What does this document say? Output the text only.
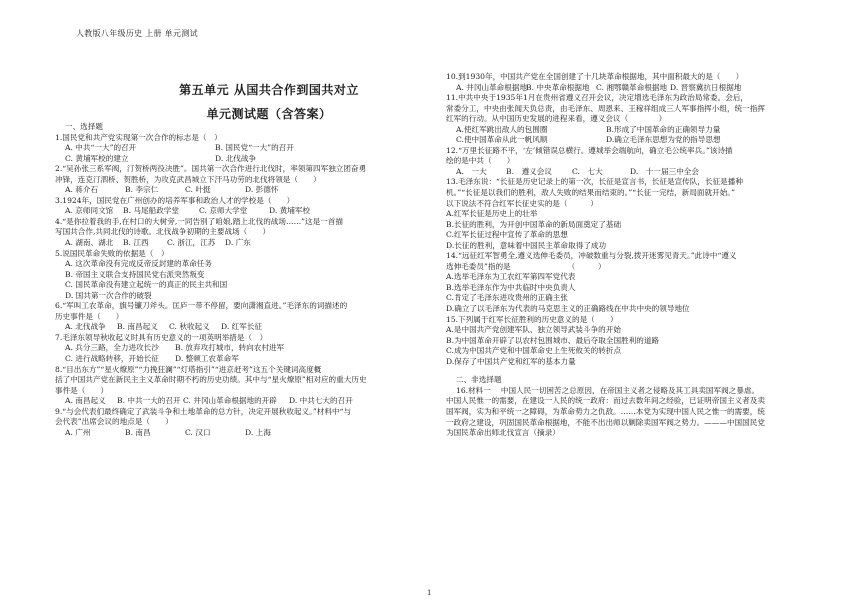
人教版八年级历史 上册 单元测试
第五单元 从国共合作到国共对立
单元测试题（含答案）
一、选择题
1.国民党和共产党实现第一次合作的标志是（　）
A. 中共“一大”的召开	B. 国民党“一大”的召开
C. 黄埔军校的建立	D. 北伐战争
2.“吴孙张三系军阀，汀贺桥两役决胜”。国共第一次合作进行北伐时，率领第四军独立团奋勇
冲锋，连克汀泗桥、贺胜桥，为攻克武昌城立下汗马功劳的北伐将领是（　　）
A. 蒋介石	B. 李宗仁	C. 叶挺	D. 彭德怀
3.1924年，国民党在广州创办的培养军事和政治人才的学校是（　　）
A. 京师同文馆	B. 马尾船政学堂	C. 京师大学堂	D. 黄埔军校
4.“是你拉着我的手,在村口的大树旁,一同告别了咱娘,踏上北伐的战场……”这是一首描
写国共合作,共同北伐的诗歌。北伐战争初期的主要战场（　　）
A. 湖南、湖北	B. 江西	C. 浙江，江苏	D. 广东
5.说国民革命失败的依据是（　）
A. 这次革命没有完成反帝反封建的革命任务
B. 帝国主义联合支持国民党右派突然叛变
C. 国民革命没有建立起统一的真正的民主共和国
D. 国共第一次合作的破裂
6.“军叫工农革命，旗号镰刀斧头。匡庐一带不停留，要向潇湘直进。”毛泽东的词描述的
历史事件是（　　）
A. 北伐战争	B. 南昌起义	C. 秋收起义	D. 红军长征
7.毛泽东领导秋收起义时具有历史意义的一项英明举措是（　）
A. 兵分三路，全力进攻长沙	B. 放弃攻打城市，转向农村进军
C. 进行战略转移，开始长征	D. 整顿工农革命军
8.“目出东方”“星火燎原”“力挽狂澜”“灯塔指引”“进京赶考”这五个关键词高度概
括了中国共产党在新民主主义革命时期不朽的历史功绩。其中与“星火燎原”相对应的重大历史
事件是（　　）
A. 南昌起义	B. 中共一大的召开 C. 井冈山革命根据地的开辟	D. 中共七大的召开
9.“与会代表们最终确定了武装斗争和土地革命的总方针，决定开展秋收起义。”材料中“与
会代表”出席会议的地点是（　　）
A. 广州	B. 南昌	C. 汉口	D. 上海
10.到1930年，中国共产党在全国创建了十几块革命根据地，其中面积最大的是（　　）
A. 井冈山革命根据地
B. 中央革命根据地 C. 湘鄂赣革命根据地 D. 晋察冀抗日根据地
11.中共中央于1935年1月在贵州省遵义召开会议，决定增选毛泽东为政治局常委。会后，
常委分工，中央由张闻天负总责，由毛泽东、周恩来、王稼祥组成三人军事指挥小组，统一指挥
红军的行动。从中国历史发展的进程来看，遵义会议（　　　　）
A.使红军跳出敌人的包围圈	B.形成了中国革命的正确领导力量
C.使中国革命从此一帆风顺	D.确立毛泽东思想为党的指导思想
12.“万里长征路不平，‘左’倾错误总横行。遵城举会端航向，确立毛公统率兵。”该诗描
绘的是中共（　　）
A.　一大	B.　遵义会议	C.　七大	D.　十一届三中全会
13.毛泽东说：“长征是历史记录上的第一次，长征是宣言书，长征是宣传队，长征是播种
机。”“长征是以我们的胜利，敌人失败的结果而结束的。”“长征一完结，新局面就开始。”
以下说法不符合红军长征史实的是（　　　）
A.红军长征是历史上的壮举
B.长征的胜利，为开创中国革命的新局面奠定了基础
C.红军长征过程中宣传了革命的思想
D.长征的胜利，意味着中国民主革命取得了成功
14.“远征红军智勇全,遵义选伸毛委员，冲破数重与分裂,拨开迷雾见青天。”此诗中“遵义
选伸毛委员”指的是　　　　　　　　（　　　）
A.选举毛泽东为工农红军第四军党代表
B.选举毛泽东作为中共临时中央负责人
C.肯定了毛泽东进攻贵州的正确主张
D.确立了以毛泽东为代表的马克思主义的正确路线在中共中央的领导地位
15.下列属于红军长征胜利的历史意义的是（　　）
A.是中国共产党创建军队、独立领导武装斗争的开始
B.为中国革命开辟了以农村包围城市、最后夺取全国胜利的道路
C.成为中国共产党和中国革命史上生死攸关的转折点
D.保存了中国共产党和红军的基本力量
二、非选择题
16.材料一　 中国人民一切困苦之总原因，在帝国主义者之侵略及其工具卖国军阀之暴虐。
中国人民惟一的需要，在建设一人民的统一政府：而过去数年间之经验，已证明帝国主义者及卖
国军阀，实为和平统一之障碍，为革命势力之仇敌。……本党为实现中国人民之惟一的需要，统
一政府之建设，巩固国民革命根据地，不能不出出师以剿除卖国军阀之势力。———中国国民党
为国民革命出师北伐宣言（摘录）
1
